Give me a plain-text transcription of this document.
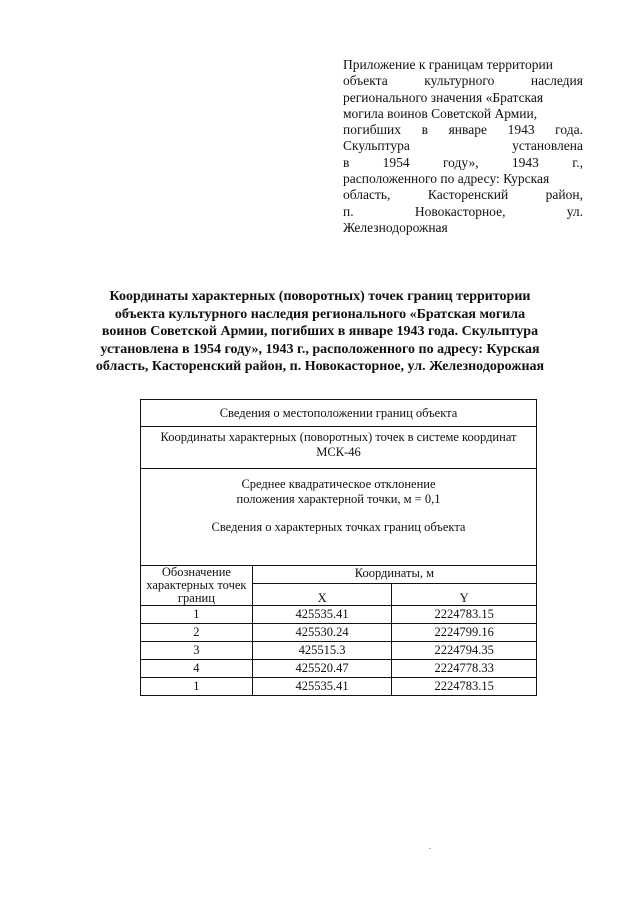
Приложение к границам территории
объекта	культурного	наследия
регионального значения «Братская
могила воинов Советской Армии,
погибших в январе 1943 года.
Скульптура	установлена
в 1954 году», 1943 г.,
расположенного по адресу: Курская
область,	Касторенский	район,
п.	Новокасторное,	ул.
Железнодорожная
Координаты характерных (поворотных) точек границ территории
объекта культурного наследия регионального «Братская могила
воинов Советской Армии, погибших в январе 1943 года. Скульптура
установлена в 1954 году», 1943 г., расположенного по адресу: Курская
область, Касторенский район, п. Новокасторное, ул. Железнодорожная
Сведения о местоположении границ объекта		

Координаты характерных (поворотных) точек в системе координат
МСК-46		

Среднее квадратическое отклонение
положения характерной точки, м = 0,1
Сведения о характерных точках границ объекта		

Обозначение
характерных точек
границ	Координаты, м	
	X	Y
1	425535.41	2224783.15
2	425530.24	2224799.16
3	425515.3	2224794.35
4	425520.47	2224778.33
1	425535.41	2224783.15
